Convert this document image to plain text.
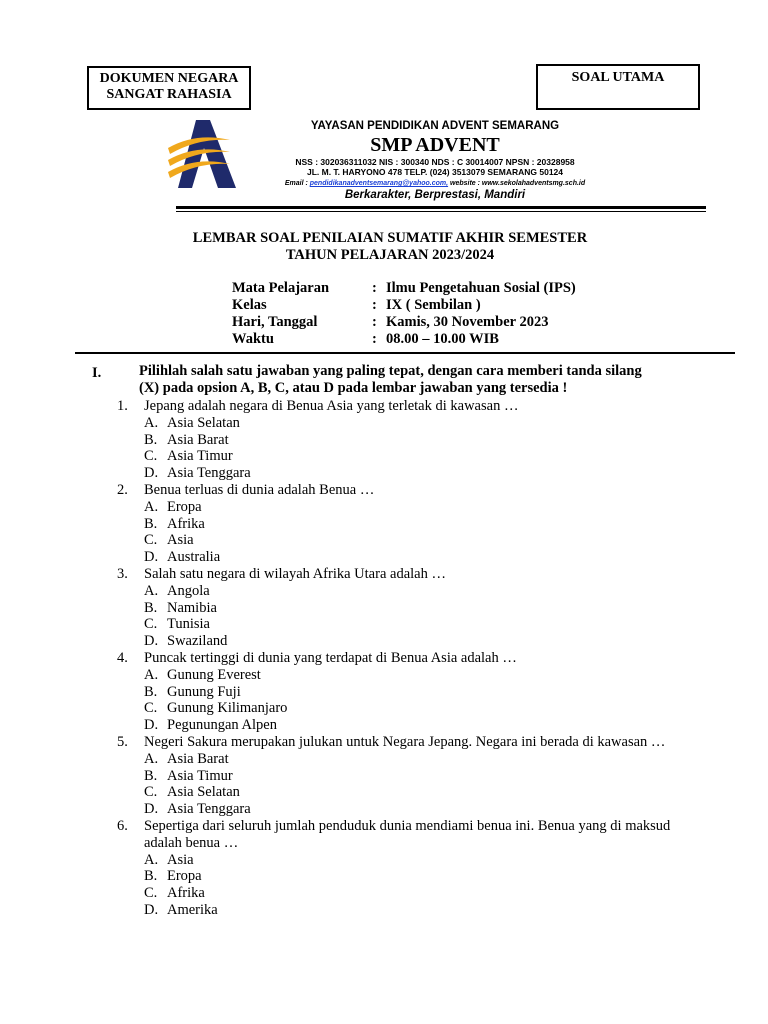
DOKUMEN NEGARA
SANGAT RAHASIA
SOAL UTAMA
YAYASAN PENDIDIKAN ADVENT SEMARANG
SMP ADVENT
NSS : 302036311032 NIS : 300340 NDS : C 30014007 NPSN : 20328958
JL. M. T. HARYONO 478 TELP. (024) 3513079 SEMARANG 50124
Email : pendidikanadventsemarang@yahoo.com, website : www.sekolahadventsmg.sch.id
Berkarakter, Berprestasi, Mandiri
LEMBAR SOAL PENILAIAN SUMATIF AKHIR SEMESTER
TAHUN PELAJARAN 2023/2024
Mata Pelajaran	: Ilmu Pengetahuan Sosial (IPS)
Kelas	: IX ( Sembilan )
Hari, Tanggal	: Kamis, 30 November 2023
Waktu	: 08.00 – 10.00 WIB
I.	Pilihlah salah satu jawaban yang paling tepat, dengan cara memberi tanda silang (X) pada opsion A, B, C, atau D pada lembar jawaban yang tersedia !
1. Jepang adalah negara di Benua Asia yang terletak di kawasan …
A. Asia Selatan
B. Asia Barat
C. Asia Timur
D. Asia Tenggara
2. Benua terluas di dunia adalah Benua …
A. Eropa
B. Afrika
C. Asia
D. Australia
3. Salah satu negara di wilayah Afrika Utara adalah …
A. Angola
B. Namibia
C. Tunisia
D. Swaziland
4. Puncak tertinggi di dunia yang terdapat di Benua Asia adalah …
A. Gunung Everest
B. Gunung Fuji
C. Gunung Kilimanjaro
D. Pegunungan Alpen
5. Negeri Sakura merupakan julukan untuk Negara Jepang. Negara ini berada di kawasan …
A. Asia Barat
B. Asia Timur
C. Asia Selatan
D. Asia Tenggara
6. Sepertiga dari seluruh jumlah penduduk dunia mendiami benua ini. Benua yang di maksud adalah benua …
A. Asia
B. Eropa
C. Afrika
D. Amerika
